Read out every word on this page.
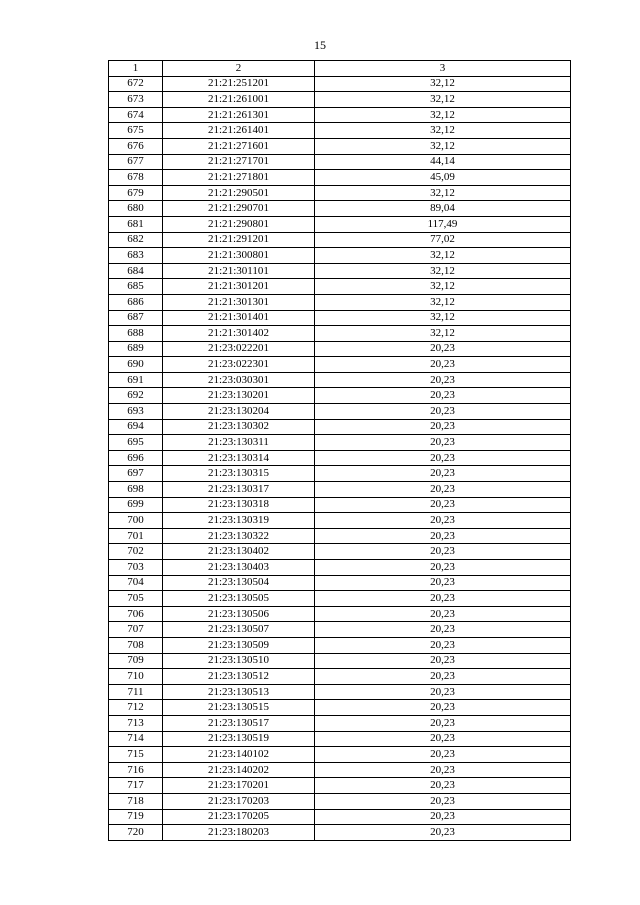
15
1	2	3
672	21:21:251201	32,12
673	21:21:261001	32,12
674	21:21:261301	32,12
675	21:21:261401	32,12
676	21:21:271601	32,12
677	21:21:271701	44,14
678	21:21:271801	45,09
679	21:21:290501	32,12
680	21:21:290701	89,04
681	21:21:290801	117,49
682	21:21:291201	77,02
683	21:21:300801	32,12
684	21:21:301101	32,12
685	21:21:301201	32,12
686	21:21:301301	32,12
687	21:21:301401	32,12
688	21:21:301402	32,12
689	21:23:022201	20,23
690	21:23:022301	20,23
691	21:23:030301	20,23
692	21:23:130201	20,23
693	21:23:130204	20,23
694	21:23:130302	20,23
695	21:23:130311	20,23
696	21:23:130314	20,23
697	21:23:130315	20,23
698	21:23:130317	20,23
699	21:23:130318	20,23
700	21:23:130319	20,23
701	21:23:130322	20,23
702	21:23:130402	20,23
703	21:23:130403	20,23
704	21:23:130504	20,23
705	21:23:130505	20,23
706	21:23:130506	20,23
707	21:23:130507	20,23
708	21:23:130509	20,23
709	21:23:130510	20,23
710	21:23:130512	20,23
711	21:23:130513	20,23
712	21:23:130515	20,23
713	21:23:130517	20,23
714	21:23:130519	20,23
715	21:23:140102	20,23
716	21:23:140202	20,23
717	21:23:170201	20,23
718	21:23:170203	20,23
719	21:23:170205	20,23
720	21:23:180203	20,23
